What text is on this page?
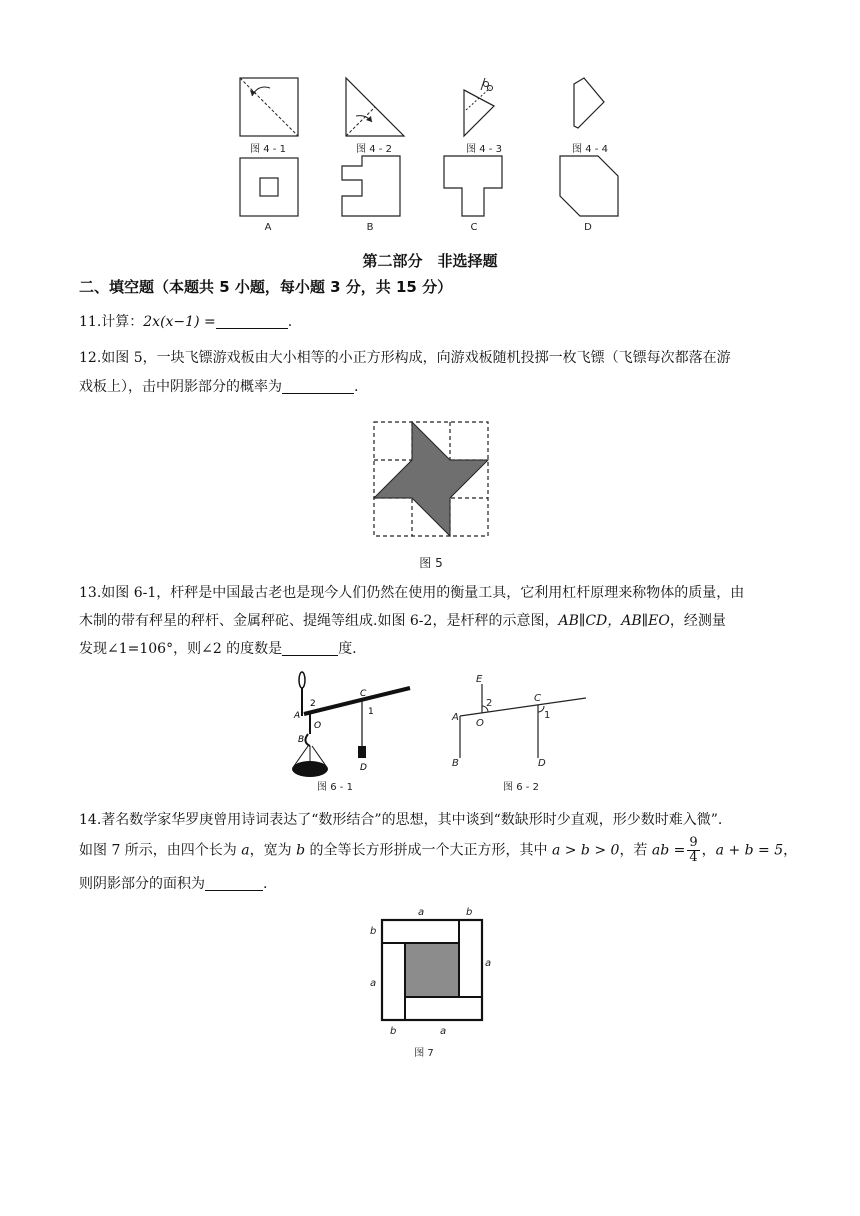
图 4 - 1	图 4 - 2	图 4 - 3	图 4 - 4
A	B	C	D
第二部分　非选择题
二、填空题（本题共 5 小题，每小题 3 分，共 15 分）
11.计算：2x(x−1) =	.
12.如图 5，一块飞镖游戏板由大小相等的小正方形构成，向游戏板随机投掷一枚飞镖（飞镖每次都落在游
戏板上），击中阴影部分的概率为	.
图 5
13.如图 6-1，杆秤是中国最古老也是现今人们仍然在使用的衡量工具，它利用杠杆原理来称物体的质量，由
木制的带有秤星的秤杆、金属秤砣、提绳等组成.如图 6-2，是杆秤的示意图，AB∥CD，AB∥EO，经测量
发现∠1=106°，则∠2 的度数是	度.
A
2
C
1
O
B
D
图 6 - 1
E
2	C
A
O
1
B	D
图 6 - 2
14.著名数学家华罗庚曾用诗词表达了“数形结合”的思想，其中谈到“数缺形时少直观，形少数时难入微”.
如图 7 所示，由四个长为 a，宽为 b 的全等长方形拼成一个大正方形，其中 a > b > 0，若 ab = $\frac{9}{4}$ ，a + b = 5，
则阴影部分的面积为	.
a	b
b
a
a
b	a
图 7
